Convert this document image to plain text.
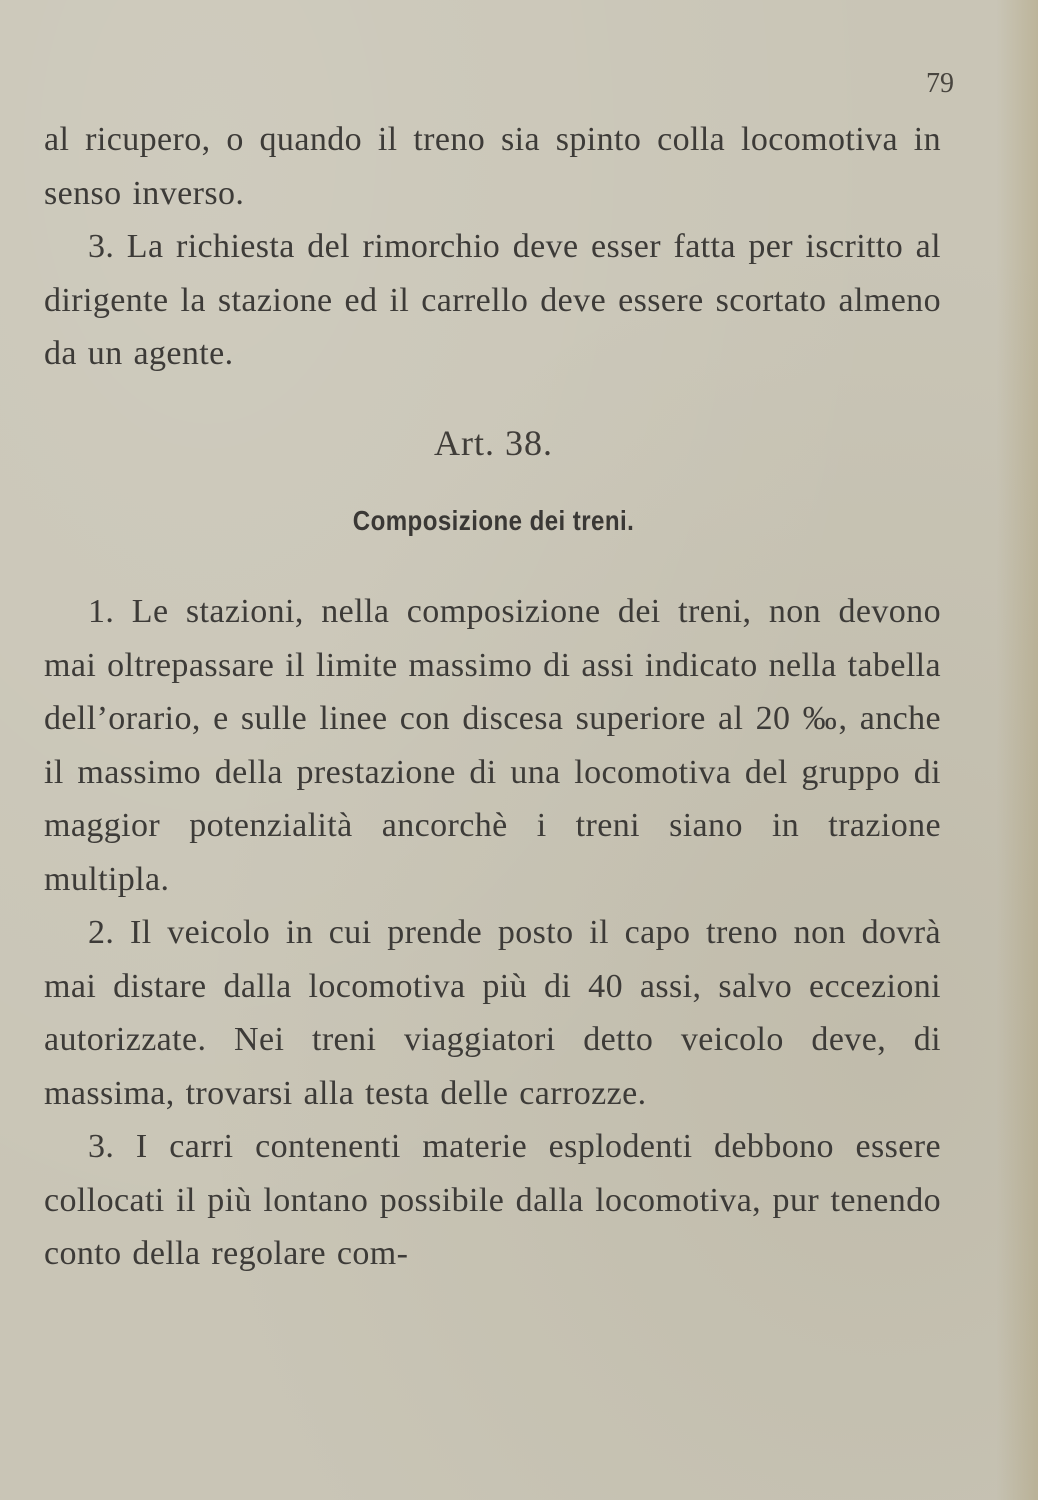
79

al ricupero, o quando il treno sia spinto colla locomotiva in senso inverso.

3. La richiesta del rimorchio deve esser fatta per iscritto al dirigente la stazione ed il carrello deve essere scortato almeno da un agente.

Art. 38.
Composizione dei treni.

1. Le stazioni, nella composizione dei treni, non devono mai oltrepassare il limite massimo di assi indicato nella tabella dell’orario, e sulle linee con discesa superiore al 20 ‰, anche il massimo della prestazione di una locomotiva del gruppo di maggior potenzialità ancorchè i treni siano in trazione multipla.

2. Il veicolo in cui prende posto il capo treno non dovrà mai distare dalla locomotiva più di 40 assi, salvo eccezioni autorizzate. Nei treni viaggiatori detto veicolo deve, di massima, trovarsi alla testa delle carrozze.

3. I carri contenenti materie esplodenti debbono essere collocati il più lontano possibile dalla locomotiva, pur tenendo conto della regolare com-
